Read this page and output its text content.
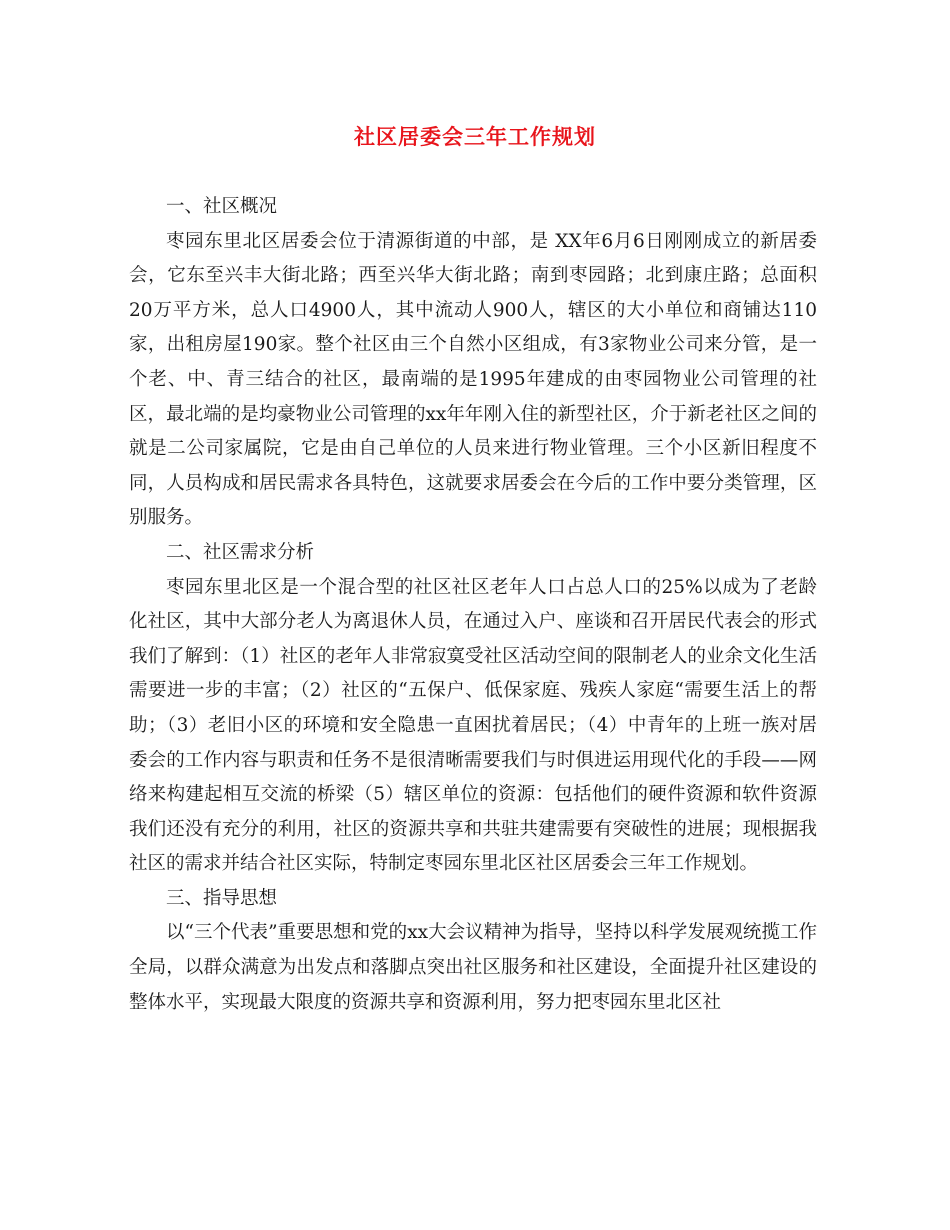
社区居委会三年工作规划

一、社区概况

枣园东里北区居委会位于清源街道的中部，是 XX年6月6日刚刚成立的新居委会，它东至兴丰大街北路；西至兴华大街北路；南到枣园路；北到康庄路；总面积20万平方米，总人口4900人，其中流动人900人，辖区的大小单位和商铺达110家，出租房屋190家。整个社区由三个自然小区组成，有3家物业公司来分管，是一个老、中、青三结合的社区，最南端的是1995年建成的由枣园物业公司管理的社区，最北端的是均豪物业公司管理的xx年年刚入住的新型社区，介于新老社区之间的就是二公司家属院，它是由自己单位的人员来进行物业管理。三个小区新旧程度不同，人员构成和居民需求各具特色，这就要求居委会在今后的工作中要分类管理，区别服务。

二、社区需求分析

枣园东里北区是一个混合型的社区社区老年人口占总人口的25%以成为了老龄化社区，其中大部分老人为离退休人员，在通过入户、座谈和召开居民代表会的形式我们了解到：（1）社区的老年人非常寂寞受社区活动空间的限制老人的业余文化生活需要进一步的丰富；（2）社区的“五保户、低保家庭、残疾人家庭“需要生活上的帮助；（3）老旧小区的环境和安全隐患一直困扰着居民；（4）中青年的上班一族对居委会的工作内容与职责和任务不是很清晰需要我们与时俱进运用现代化的手段——网络来构建起相互交流的桥梁（5）辖区单位的资源：包括他们的硬件资源和软件资源我们还没有充分的利用，社区的资源共享和共驻共建需要有突破性的进展；现根据我社区的需求并结合社区实际，特制定枣园东里北区社区居委会三年工作规划。

三、指导思想

以“三个代表”重要思想和党的xx大会议精神为指导，坚持以科学发展观统揽工作全局，以群众满意为出发点和落脚点突出社区服务和社区建设，全面提升社区建设的整体水平，实现最大限度的资源共享和资源利用，努力把枣园东里北区社
